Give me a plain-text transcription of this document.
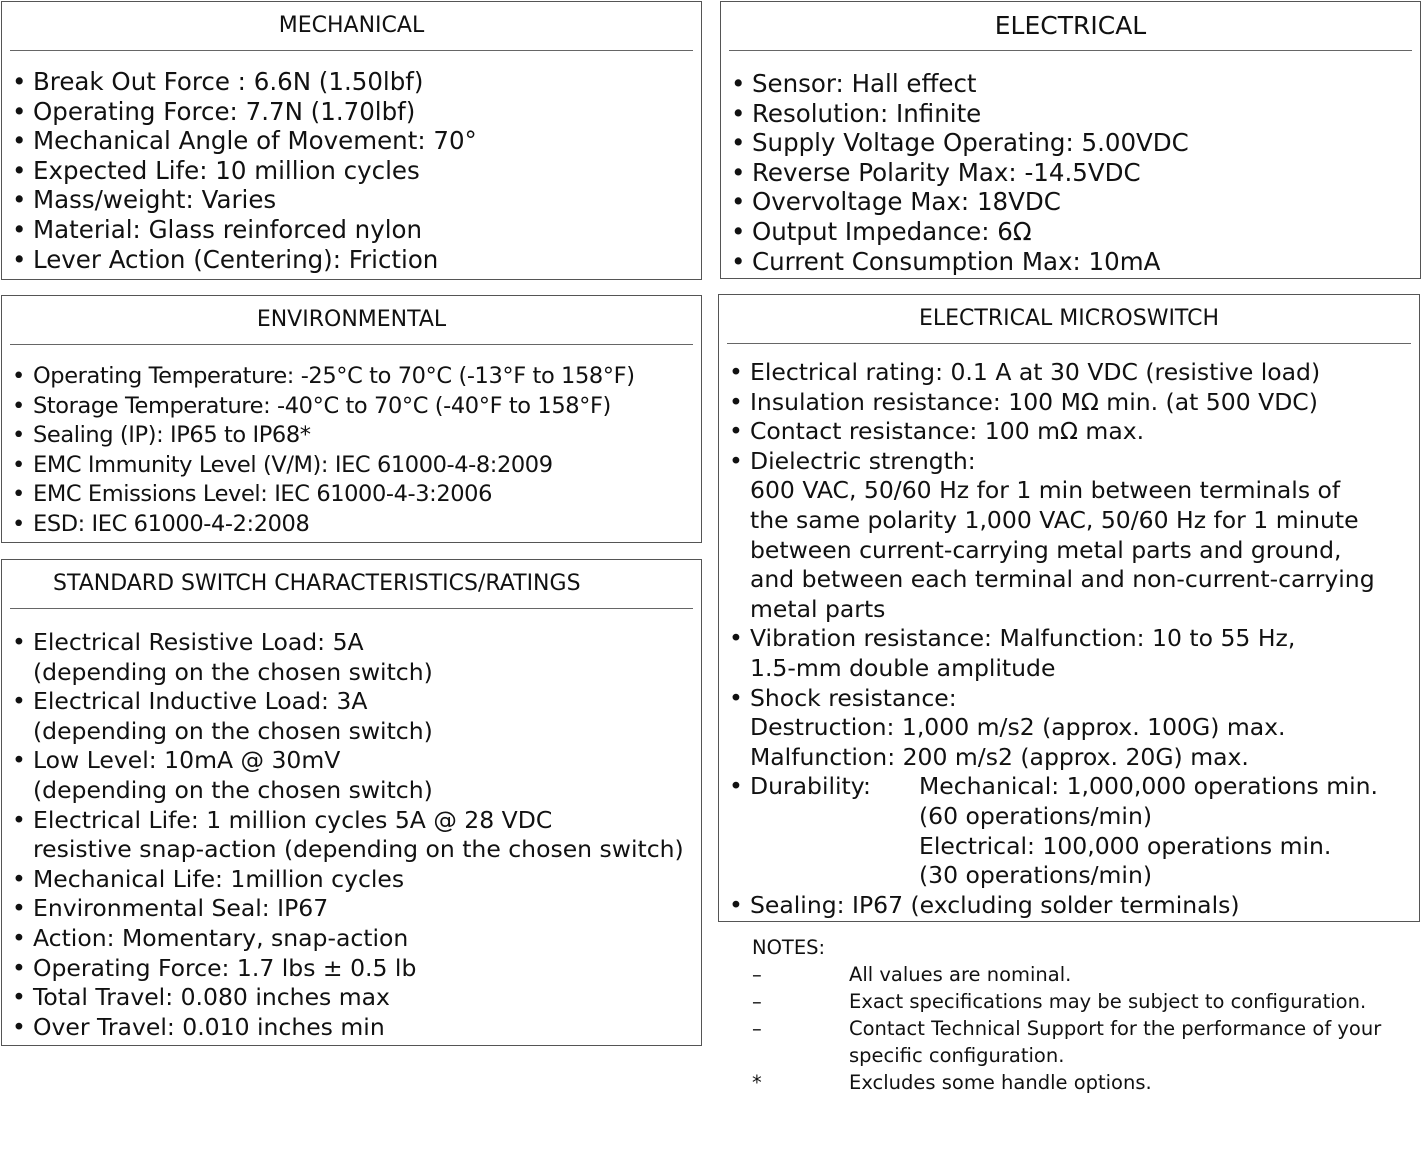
MECHANICAL
• Break Out Force : 6.6N (1.50lbf)
• Operating Force: 7.7N (1.70lbf)
• Mechanical Angle of Movement: 70°
• Expected Life: 10 million cycles
• Mass/weight: Varies
• Material: Glass reinforced nylon
• Lever Action (Centering): Friction
ELECTRICAL
• Sensor: Hall effect
• Resolution: Infinite
• Supply Voltage Operating: 5.00VDC
• Reverse Polarity Max: -14.5VDC
• Overvoltage Max: 18VDC
• Output Impedance: 6Ω
• Current Consumption Max: 10mA
ENVIRONMENTAL
• Operating Temperature: -25°C to 70°C (-13°F to 158°F)
• Storage Temperature: -40°C to 70°C (-40°F to 158°F)
• Sealing (IP): IP65 to IP68*
• EMC Immunity Level (V/M): IEC 61000-4-8:2009
• EMC Emissions Level: IEC 61000-4-3:2006
• ESD: IEC 61000-4-2:2008
STANDARD SWITCH CHARACTERISTICS/RATINGS
• Electrical Resistive Load: 5A
(depending on the chosen switch)
• Electrical Inductive Load: 3A
(depending on the chosen switch)
• Low Level: 10mA @ 30mV
(depending on the chosen switch)
• Electrical Life: 1 million cycles 5A @ 28 VDC
resistive snap-action (depending on the chosen switch)
• Mechanical Life: 1million cycles
• Environmental Seal: IP67
• Action: Momentary, snap-action
• Operating Force: 1.7 lbs ± 0.5 lb
• Total Travel: 0.080 inches max
• Over Travel: 0.010 inches min
ELECTRICAL MICROSWITCH
• Electrical rating: 0.1 A at 30 VDC (resistive load)
• Insulation resistance: 100 MΩ min. (at 500 VDC)
• Contact resistance: 100 mΩ max.
• Dielectric strength:
600 VAC, 50/60 Hz for 1 min between terminals of
the same polarity 1,000 VAC, 50/60 Hz for 1 minute
between current-carrying metal parts and ground,
and between each terminal and non-current-carrying
metal parts
• Vibration resistance: Malfunction: 10 to 55 Hz,
1.5-mm double amplitude
• Shock resistance:
Destruction: 1,000 m/s2 (approx. 100G) max.
Malfunction: 200 m/s2 (approx. 20G) max.
• Durability:	Mechanical: 1,000,000 operations min.
(60 operations/min)
Electrical: 100,000 operations min.
(30 operations/min)
• Sealing: IP67 (excluding solder terminals)
NOTES:
–	All values are nominal.
–	Exact specifications may be subject to configuration.
–	Contact Technical Support for the performance of your
specific configuration.
*	Excludes some handle options.
